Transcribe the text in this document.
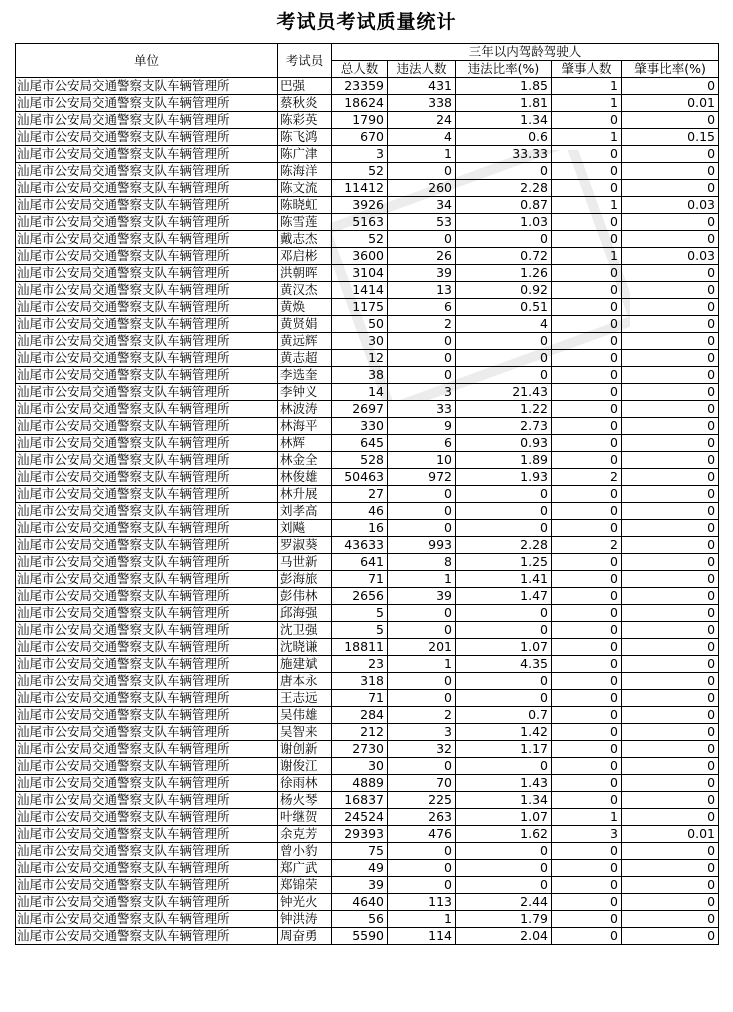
考试员考试质量统计
单位	考试员	三年以内驾龄驾驶人				
		总人数	违法人数	违法比率(%)	肇事人数	肇事比率(%)
汕尾市公安局交通警察支队车辆管理所	巴强	23359	431	1.85	1	0
汕尾市公安局交通警察支队车辆管理所	蔡秋炎	18624	338	1.81	1	0.01
汕尾市公安局交通警察支队车辆管理所	陈彩英	1790	24	1.34	0	0
汕尾市公安局交通警察支队车辆管理所	陈飞鸿	670	4	0.6	1	0.15
汕尾市公安局交通警察支队车辆管理所	陈广津	3	1	33.33	0	0
汕尾市公安局交通警察支队车辆管理所	陈海洋	52	0	0	0	0
汕尾市公安局交通警察支队车辆管理所	陈文流	11412	260	2.28	0	0
汕尾市公安局交通警察支队车辆管理所	陈晓虹	3926	34	0.87	1	0.03
汕尾市公安局交通警察支队车辆管理所	陈雪莲	5163	53	1.03	0	0
汕尾市公安局交通警察支队车辆管理所	戴志杰	52	0	0	0	0
汕尾市公安局交通警察支队车辆管理所	邓启彬	3600	26	0.72	1	0.03
汕尾市公安局交通警察支队车辆管理所	洪朝晖	3104	39	1.26	0	0
汕尾市公安局交通警察支队车辆管理所	黄汉杰	1414	13	0.92	0	0
汕尾市公安局交通警察支队车辆管理所	黄焕	1175	6	0.51	0	0
汕尾市公安局交通警察支队车辆管理所	黄贤娟	50	2	4	0	0
汕尾市公安局交通警察支队车辆管理所	黄远辉	30	0	0	0	0
汕尾市公安局交通警察支队车辆管理所	黄志超	12	0	0	0	0
汕尾市公安局交通警察支队车辆管理所	李选奎	38	0	0	0	0
汕尾市公安局交通警察支队车辆管理所	李钟义	14	3	21.43	0	0
汕尾市公安局交通警察支队车辆管理所	林波涛	2697	33	1.22	0	0
汕尾市公安局交通警察支队车辆管理所	林海平	330	9	2.73	0	0
汕尾市公安局交通警察支队车辆管理所	林辉	645	6	0.93	0	0
汕尾市公安局交通警察支队车辆管理所	林金全	528	10	1.89	0	0
汕尾市公安局交通警察支队车辆管理所	林俊雄	50463	972	1.93	2	0
汕尾市公安局交通警察支队车辆管理所	林升展	27	0	0	0	0
汕尾市公安局交通警察支队车辆管理所	刘孝高	46	0	0	0	0
汕尾市公安局交通警察支队车辆管理所	刘飚	16	0	0	0	0
汕尾市公安局交通警察支队车辆管理所	罗淑葵	43633	993	2.28	2	0
汕尾市公安局交通警察支队车辆管理所	马世新	641	8	1.25	0	0
汕尾市公安局交通警察支队车辆管理所	彭海旅	71	1	1.41	0	0
汕尾市公安局交通警察支队车辆管理所	彭伟林	2656	39	1.47	0	0
汕尾市公安局交通警察支队车辆管理所	邱海强	5	0	0	0	0
汕尾市公安局交通警察支队车辆管理所	沈卫强	5	0	0	0	0
汕尾市公安局交通警察支队车辆管理所	沈晓谦	18811	201	1.07	0	0
汕尾市公安局交通警察支队车辆管理所	施建斌	23	1	4.35	0	0
汕尾市公安局交通警察支队车辆管理所	唐本永	318	0	0	0	0
汕尾市公安局交通警察支队车辆管理所	王志远	71	0	0	0	0
汕尾市公安局交通警察支队车辆管理所	吴伟雄	284	2	0.7	0	0
汕尾市公安局交通警察支队车辆管理所	吴智来	212	3	1.42	0	0
汕尾市公安局交通警察支队车辆管理所	谢创新	2730	32	1.17	0	0
汕尾市公安局交通警察支队车辆管理所	谢俊江	30	0	0	0	0
汕尾市公安局交通警察支队车辆管理所	徐雨林	4889	70	1.43	0	0
汕尾市公安局交通警察支队车辆管理所	杨火琴	16837	225	1.34	0	0
汕尾市公安局交通警察支队车辆管理所	叶继贺	24524	263	1.07	1	0
汕尾市公安局交通警察支队车辆管理所	余克芳	29393	476	1.62	3	0.01
汕尾市公安局交通警察支队车辆管理所	曾小豹	75	0	0	0	0
汕尾市公安局交通警察支队车辆管理所	郑广武	49	0	0	0	0
汕尾市公安局交通警察支队车辆管理所	郑锦荣	39	0	0	0	0
汕尾市公安局交通警察支队车辆管理所	钟光火	4640	113	2.44	0	0
汕尾市公安局交通警察支队车辆管理所	钟洪涛	56	1	1.79	0	0
汕尾市公安局交通警察支队车辆管理所	周奋勇	5590	114	2.04	0	0
